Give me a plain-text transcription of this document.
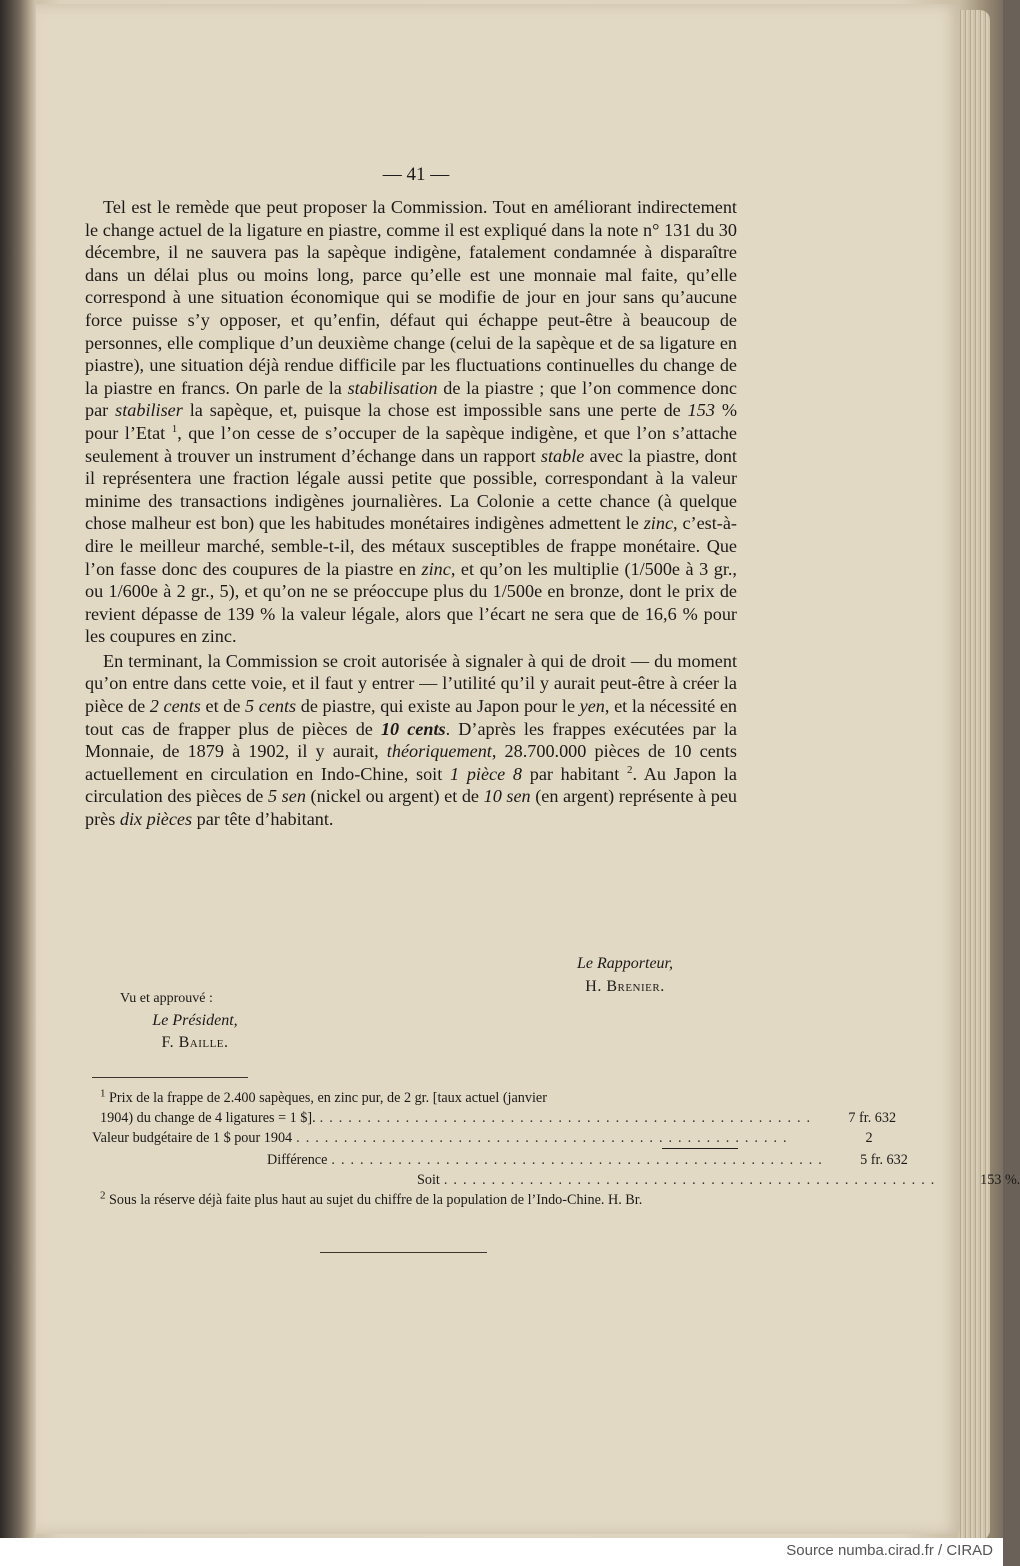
— 41 —

Tel est le remède que peut proposer la Commission. Tout en améliorant indirectement le change actuel de la ligature en piastre, comme il est expliqué dans la note n° 131 du 30 décembre, il ne sauvera pas la sapèque indigène, fatalement condamnée à disparaître dans un délai plus ou moins long, parce qu’elle est une monnaie mal faite, qu’elle correspond à une situation économique qui se modifie de jour en jour sans qu’aucune force puisse s’y opposer, et qu’enfin, défaut qui échappe peut-être à beaucoup de personnes, elle complique d’un deuxième change (celui de la sapèque et de sa ligature en piastre), une situation déjà rendue difficile par les fluctuations continuelles du change de la piastre en francs. On parle de la stabilisation de la piastre ; que l’on commence donc par stabiliser la sapèque, et, puisque la chose est impossible sans une perte de 153 % pour l’Etat $^1$, que l’on cesse de s’occuper de la sapèque indigène, et que l’on s’attache seulement à trouver un instrument d’échange dans un rapport stable avec la piastre, dont il représentera une fraction légale aussi petite que possible, correspondant à la valeur minime des transactions indigènes journalières. La Colonie a cette chance (à quelque chose malheur est bon) que les habitudes monétaires indigènes admettent le zinc, c’est-à-dire le meilleur marché, semble-t-il, des métaux susceptibles de frappe monétaire. Que l’on fasse donc des coupures de la piastre en zinc, et qu’on les multiplie (1/500e à 3 gr., ou 1/600e à 2 gr., 5), et qu’on ne se préoccupe plus du 1/500e en bronze, dont le prix de revient dépasse de 139 % la valeur légale, alors que l’écart ne sera que de 16,6 % pour les coupures en zinc.

En terminant, la Commission se croit autorisée à signaler à qui de droit — du moment qu’on entre dans cette voie, et il faut y entrer — l’utilité qu’il y aurait peut-être à créer la pièce de 2 cents et de 5 cents de piastre, qui existe au Japon pour le yen, et la nécessité en tout cas de frapper plus de pièces de 10 cents. D’après les frappes exécutées par la Monnaie, de 1879 à 1902, il y aurait, théoriquement, 28.700.000 pièces de 10 cents actuellement en circulation en Indo-Chine, soit 1 pièce 8 par habitant $^2$. Au Japon la circulation des pièces de 5 sen (nickel ou argent) et de 10 sen (en argent) représente à peu près dix pièces par tête d’habitant.

Le Rapporteur,
H. Brenier.
Vu et approuvé :
Le Président,
F. Baille.
$^1$ Prix de la frappe de 2.400 sapèques, en zinc pur, de 2 gr. [taux actuel (janvier
1904) du change de 4 ligatures = 1 $]. ....................................................	7 fr. 632
Valeur budgétaire de 1 $ pour 1904 ....................................................	2
Différence ....................................................	5 fr. 632
Soit ....................................................	153 %.
$^2$ Sous la réserve déjà faite plus haut au sujet du chiffre de la population de l’Indo-Chine. H. Br.
Source numba.cirad.fr / CIRAD
